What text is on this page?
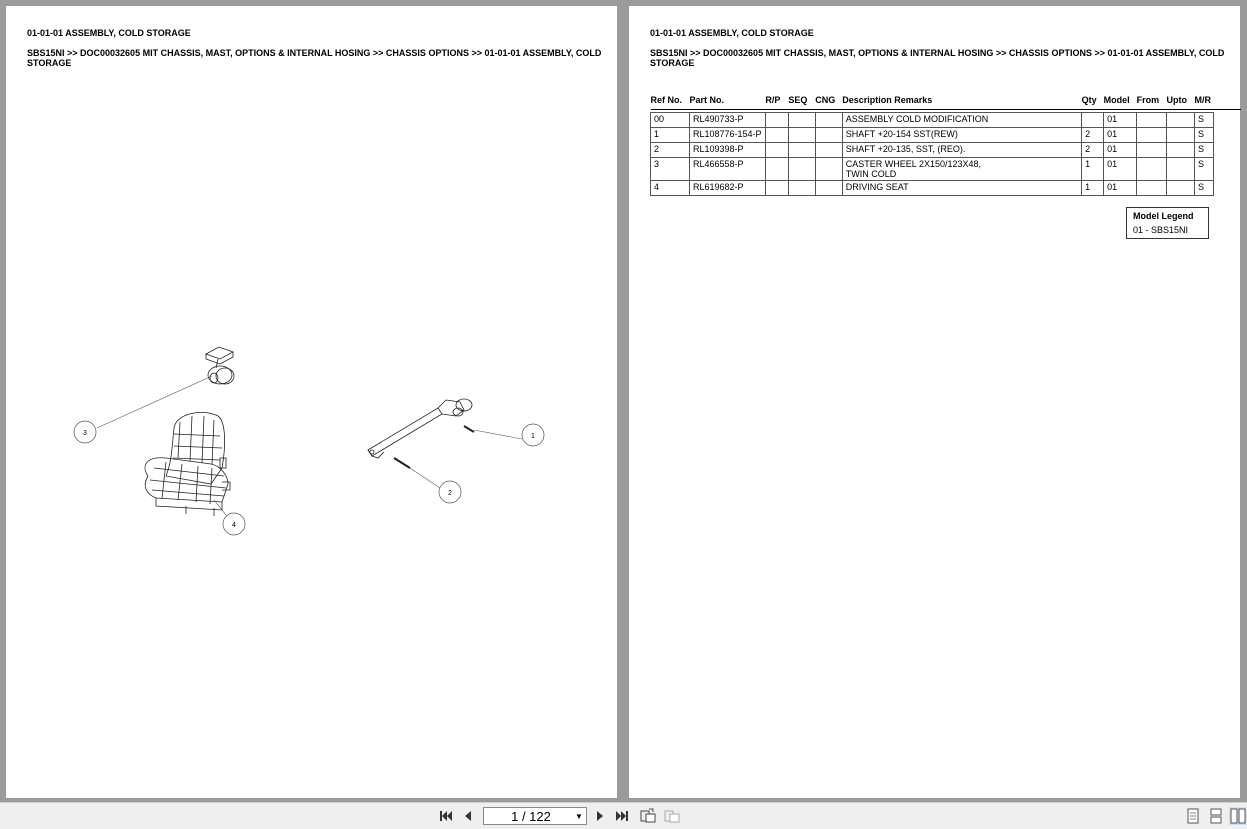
01-01-01 ASSEMBLY, COLD STORAGE
SBS15NI >> DOC00032605 MIT CHASSIS, MAST, OPTIONS & INTERNAL HOSING >> CHASSIS OPTIONS >> 01-01-01 ASSEMBLY, COLD STORAGE
1
2
3
4
01-01-01 ASSEMBLY, COLD STORAGE
SBS15NI >> DOC00032605 MIT CHASSIS, MAST, OPTIONS & INTERNAL HOSING >> CHASSIS OPTIONS >> 01-01-01 ASSEMBLY, COLD STORAGE
Ref No.	Part No.	R/P	SEQ	CNG	Description Remarks	Qty	Model	From	Upto	M/R	

00	RL490733-P				ASSEMBLY COLD MODIFICATION		01			S	
1	RL108776-154-P				SHAFT +20-154 SST(REW)	2	01			S	
2	RL109398-P				SHAFT +20-135, SST, (REO).	2	01			S	
3	RL466558-P				CASTER WHEEL 2X150/123X48,
TWIN COLD	1	01			S	
4	RL619682-P				DRIVING SEAT	1	01			S	
Model Legend
01 - SBS15NI
1 / 122	▼
